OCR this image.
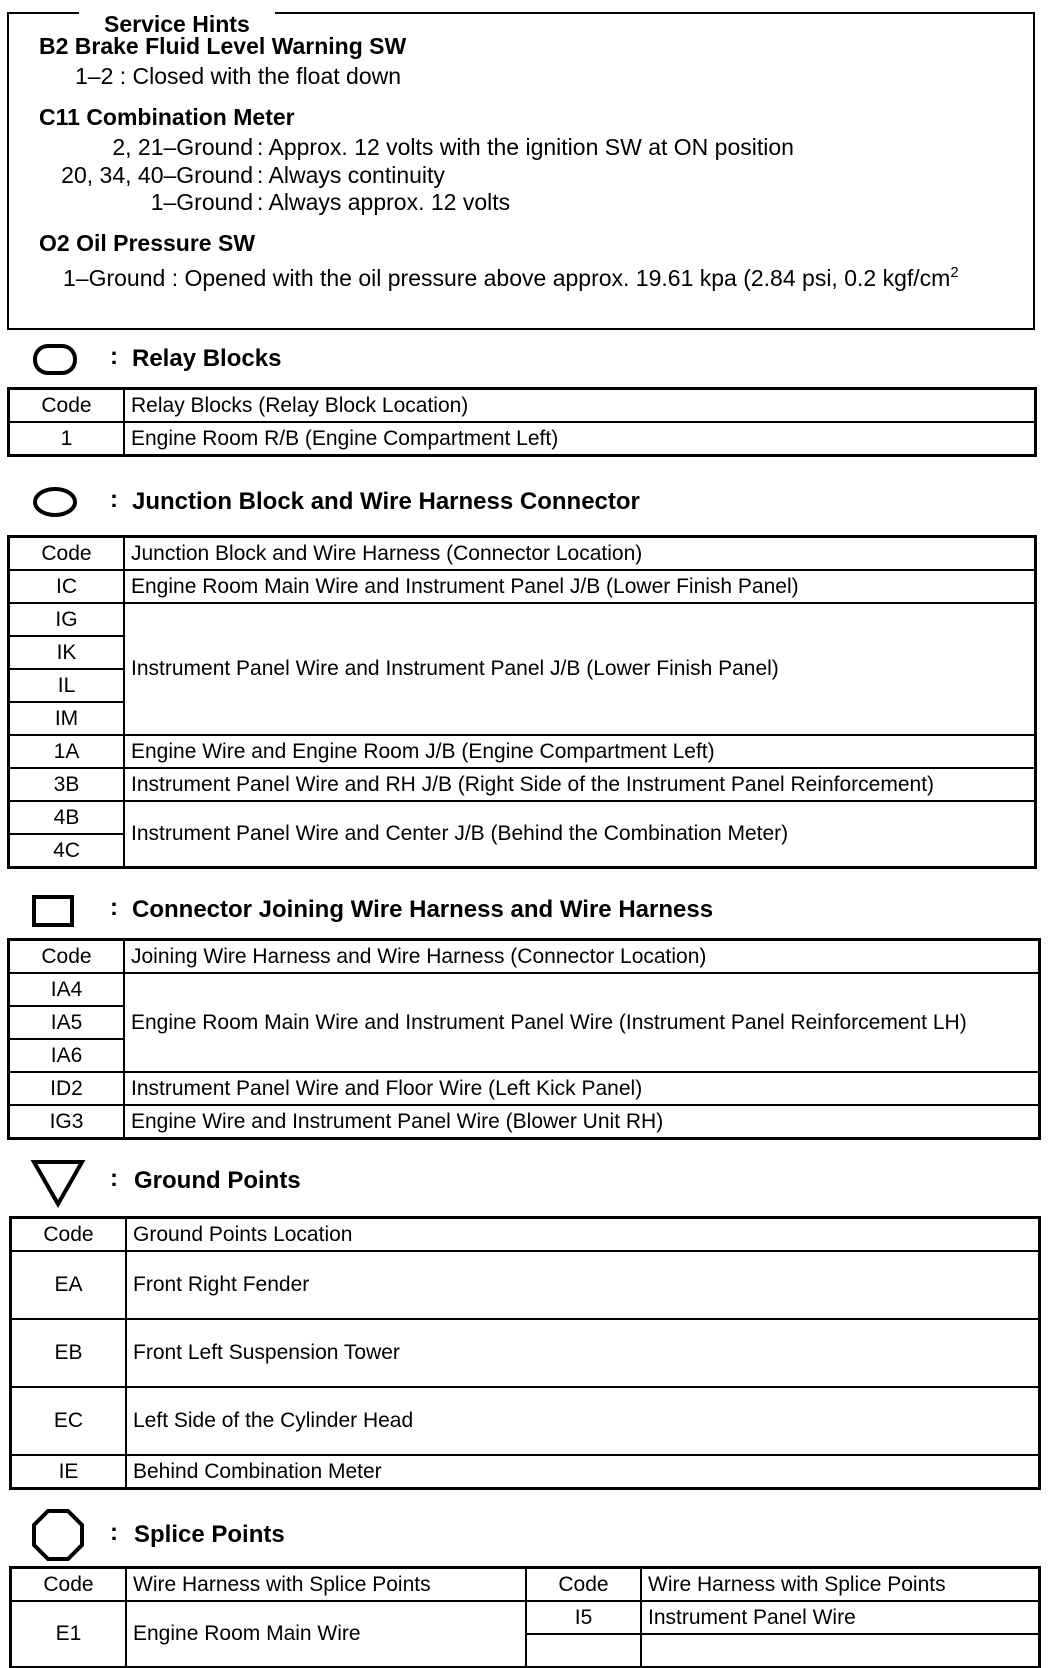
Service Hints
B2 Brake Fluid Level Warning SW
1–2 : Closed with the float down
C11 Combination Meter
2, 21–Ground : Approx. 12 volts with the ignition SW at ON position
20, 34, 40–Ground : Always continuity
1–Ground : Always approx. 12 volts
O2 Oil Pressure SW
1–Ground : Opened with the oil pressure above approx. 19.61 kpa (2.84 psi, 0.2 kgf/$cm^2$
: Relay Blocks
Code	Relay Blocks (Relay Block Location)
1	Engine Room R/B (Engine Compartment Left)
: Junction Block and Wire Harness Connector
Code	Junction Block and Wire Harness (Connector Location)
IC	Engine Room Main Wire and Instrument Panel J/B (Lower Finish Panel)
IG	Instrument Panel Wire and Instrument Panel J/B (Lower Finish Panel)
IK	
IL	
IM	
1A	Engine Wire and Engine Room J/B (Engine Compartment Left)
3B	Instrument Panel Wire and RH J/B (Right Side of the Instrument Panel Reinforcement)
4B	Instrument Panel Wire and Center J/B (Behind the Combination Meter)
4C	
: Connector Joining Wire Harness and Wire Harness
Code	Joining Wire Harness and Wire Harness (Connector Location)
IA4	Engine Room Main Wire and Instrument Panel Wire (Instrument Panel Reinforcement LH)
IA5	
IA6	
ID2	Instrument Panel Wire and Floor Wire (Left Kick Panel)
IG3	Engine Wire and Instrument Panel Wire (Blower Unit RH)
: Ground Points
Code	Ground Points Location
EA	Front Right Fender
EB	Front Left Suspension Tower
EC	Left Side of the Cylinder Head
IE	Behind Combination Meter
: Splice Points
Code	Wire Harness with Splice Points	Code	Wire Harness with Splice Points
E1	Engine Room Main Wire	I5	Instrument Panel Wire
